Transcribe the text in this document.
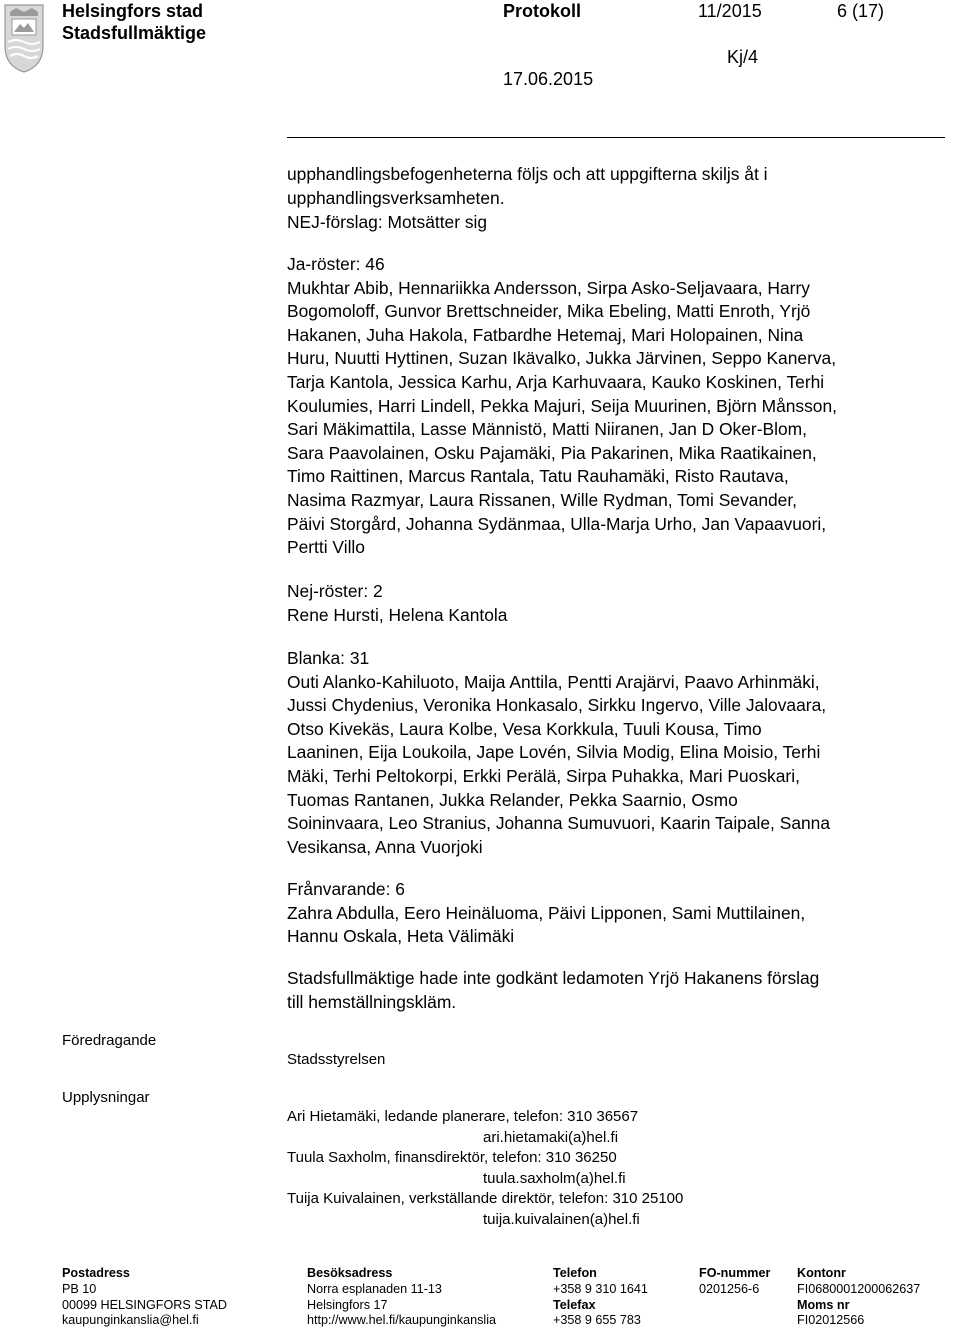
Helsingfors stad
Stadsfullmäktige
Protokoll	11/2015	6 (17)
Kj/4
17.06.2015
upphandlingsbefogenheterna följs och att uppgifterna skiljs åt i
upphandlingsverksamheten.
NEJ-förslag: Motsätter sig
Ja-röster: 46
Mukhtar Abib, Hennariikka Andersson, Sirpa Asko-Seljavaara, Harry
Bogomoloff, Gunvor Brettschneider, Mika Ebeling, Matti Enroth, Yrjö
Hakanen, Juha Hakola, Fatbardhe Hetemaj, Mari Holopainen, Nina
Huru, Nuutti Hyttinen, Suzan Ikävalko, Jukka Järvinen, Seppo Kanerva,
Tarja Kantola, Jessica Karhu, Arja Karhuvaara, Kauko Koskinen, Terhi
Koulumies, Harri Lindell, Pekka Majuri, Seija Muurinen, Björn Månsson,
Sari Mäkimattila, Lasse Männistö, Matti Niiranen, Jan D Oker-Blom,
Sara Paavolainen, Osku Pajamäki, Pia Pakarinen, Mika Raatikainen,
Timo Raittinen, Marcus Rantala, Tatu Rauhamäki, Risto Rautava,
Nasima Razmyar, Laura Rissanen, Wille Rydman, Tomi Sevander,
Päivi Storgård, Johanna Sydänmaa, Ulla-Marja Urho, Jan Vapaavuori,
Pertti Villo
Nej-röster: 2
Rene Hursti, Helena Kantola
Blanka: 31
Outi Alanko-Kahiluoto, Maija Anttila, Pentti Arajärvi, Paavo Arhinmäki,
Jussi Chydenius, Veronika Honkasalo, Sirkku Ingervo, Ville Jalovaara,
Otso Kivekäs, Laura Kolbe, Vesa Korkkula, Tuuli Kousa, Timo
Laaninen, Eija Loukoila, Jape Lovén, Silvia Modig, Elina Moisio, Terhi
Mäki, Terhi Peltokorpi, Erkki Perälä, Sirpa Puhakka, Mari Puoskari,
Tuomas Rantanen, Jukka Relander, Pekka Saarnio, Osmo
Soininvaara, Leo Stranius, Johanna Sumuvuori, Kaarin Taipale, Sanna
Vesikansa, Anna Vuorjoki
Frånvarande: 6
Zahra Abdulla, Eero Heinäluoma, Päivi Lipponen, Sami Muttilainen,
Hannu Oskala, Heta Välimäki
Stadsfullmäktige hade inte godkänt ledamoten Yrjö Hakanens förslag
till hemställningskläm.
Föredragande
Stadsstyrelsen
Upplysningar
Ari Hietamäki, ledande planerare, telefon: 310 36567
ari.hietamaki(a)hel.fi
Tuula Saxholm, finansdirektör, telefon: 310 36250
tuula.saxholm(a)hel.fi
Tuija Kuivalainen, verkställande direktör, telefon: 310 25100
tuija.kuivalainen(a)hel.fi
Postadress
PB 10
00099 HELSINGFORS STAD
kaupunginkanslia@hel.fi
Besöksadress
Norra esplanaden 11-13
Helsingfors 17
http://www.hel.fi/kaupunginkanslia
Telefon
+358 9 310 1641
Telefax
+358 9 655 783
FO-nummer
0201256-6
Kontonr
FI0680001200062637
Moms nr
FI02012566
